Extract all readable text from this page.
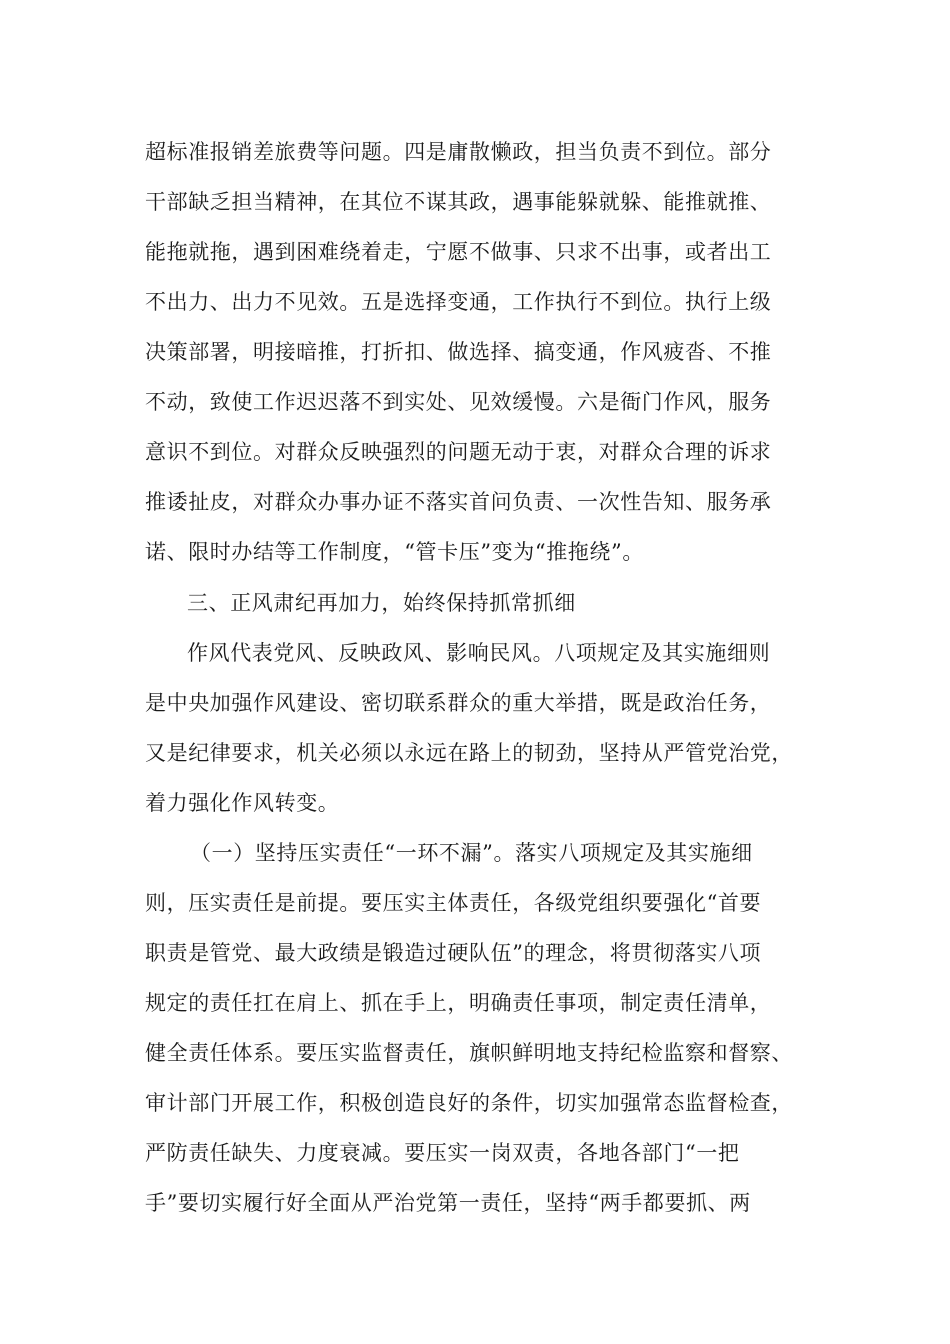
超标准报销差旅费等问题。四是庸散懒政，担当负责不到位。部分
干部缺乏担当精神，在其位不谋其政，遇事能躲就躲、能推就推、
能拖就拖，遇到困难绕着走，宁愿不做事、只求不出事，或者出工
不出力、出力不见效。五是选择变通，工作执行不到位。执行上级
决策部署，明接暗推，打折扣、做选择、搞变通，作风疲沓、不推
不动，致使工作迟迟落不到实处、见效缓慢。六是衙门作风，服务
意识不到位。对群众反映强烈的问题无动于衷，对群众合理的诉求
推诿扯皮，对群众办事办证不落实首问负责、一次性告知、服务承
诺、限时办结等工作制度，“管卡压”变为“推拖绕”。
三、正风肃纪再加力，始终保持抓常抓细
作风代表党风、反映政风、影响民风。八项规定及其实施细则
是中央加强作风建设、密切联系群众的重大举措，既是政治任务，
又是纪律要求，机关必须以永远在路上的韧劲，坚持从严管党治党，
着力强化作风转变。
（一）坚持压实责任“一环不漏”。落实八项规定及其实施细
则，压实责任是前提。要压实主体责任，各级党组织要强化“首要
职责是管党、最大政绩是锻造过硬队伍”的理念，将贯彻落实八项
规定的责任扛在肩上、抓在手上，明确责任事项，制定责任清单，
健全责任体系。要压实监督责任，旗帜鲜明地支持纪检监察和督察、
审计部门开展工作，积极创造良好的条件，切实加强常态监督检查，
严防责任缺失、力度衰减。要压实一岗双责，各地各部门“一把
手”要切实履行好全面从严治党第一责任，坚持“两手都要抓、两
